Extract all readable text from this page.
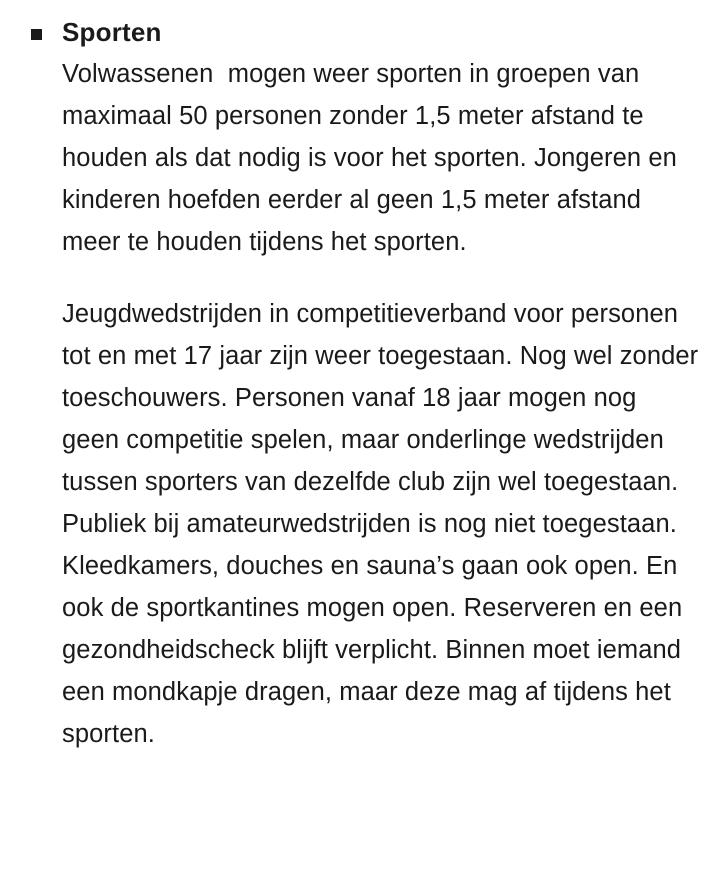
Sporten

Volwassenen  mogen weer sporten in groepen van maximaal 50 personen zonder 1,5 meter afstand te houden als dat nodig is voor het sporten. Jongeren en kinderen hoefden eerder al geen 1,5 meter afstand meer te houden tijdens het sporten.

Jeugdwedstrijden in competitieverband voor personen tot en met 17 jaar zijn weer toegestaan. Nog wel zonder toeschouwers. Personen vanaf 18 jaar mogen nog geen competitie spelen, maar onderlinge wedstrijden tussen sporters van dezelfde club zijn wel toegestaan. Publiek bij amateurwedstrijden is nog niet toegestaan. Kleedkamers, douches en sauna’s gaan ook open. En ook de sportkantines mogen open. Reserveren en een gezondheidscheck blijft verplicht. Binnen moet iemand een mondkapje dragen, maar deze mag af tijdens het sporten.
